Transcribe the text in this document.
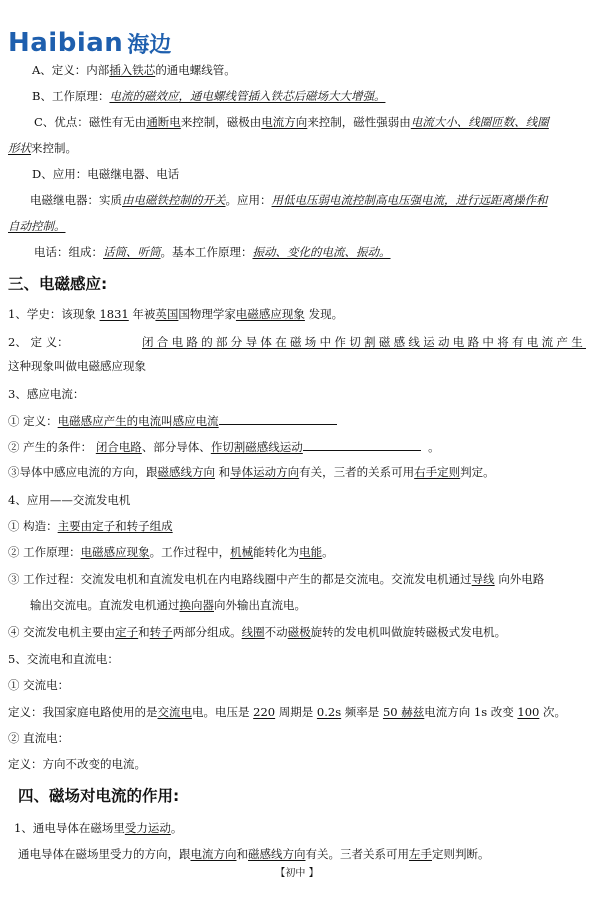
Haibian 海边
A、定义：内部插入铁芯的通电螺线管。
B、工作原理：电流的磁效应，通电螺线管插入铁芯后磁场大大增强。
C、优点：磁性有无由通断电来控制，磁极由电流方向来控制，磁性强弱由电流大小、线圈匝数、线圈
形状来控制。
D、应用：电磁继电器、电话
电磁继电器：实质由电磁铁控制的开关。应用：用低电压弱电流控制高电压强电流，进行远距离操作和
自动控制。
电话：组成：话筒、听筒。基本工作原理：振动、变化的电流、振动。
三、电磁感应:
1、学史：该现象 1831 年被英国国物理学家电磁感应现象 发现。
2、 定 义：	闭合电路的部分导体在磁场中作切割磁感线运动电路中将有电流产生
这种现象叫做电磁感应现象
3、感应电流：
① 定义：电磁感应产生的电流叫感应电流
② 产生的条件： 闭合电路、部分导体、作切割磁感线运动	。
③导体中感应电流的方向，跟磁感线方向 和导体运动方向有关，三者的关系可用右手定则判定。
4、应用——交流发电机
① 构造：主要由定子和转子组成
② 工作原理：电磁感应现象。工作过程中，机械能转化为电能。
③ 工作过程：交流发电机和直流发电机在内电路线圈中产生的都是交流电。交流发电机通过导线 向外电路
输出交流电。直流发电机通过换向器向外输出直流电。
④ 交流发电机主要由定子和转子两部分组成。线圈不动磁极旋转的发电机叫做旋转磁极式发电机。
5、交流电和直流电：
① 交流电：
定义：我国家庭电路使用的是交流电电。电压是 220 周期是 0.2s 频率是 50 赫兹电流方向 1s 改变 100 次。
② 直流电：
定义：方向不改变的电流。
四、磁场对电流的作用:
1、通电导体在磁场里受力运动。
通电导体在磁场里受力的方向，跟电流方向和磁感线方向有关。三者关系可用左手定则判断。
【初中 】
